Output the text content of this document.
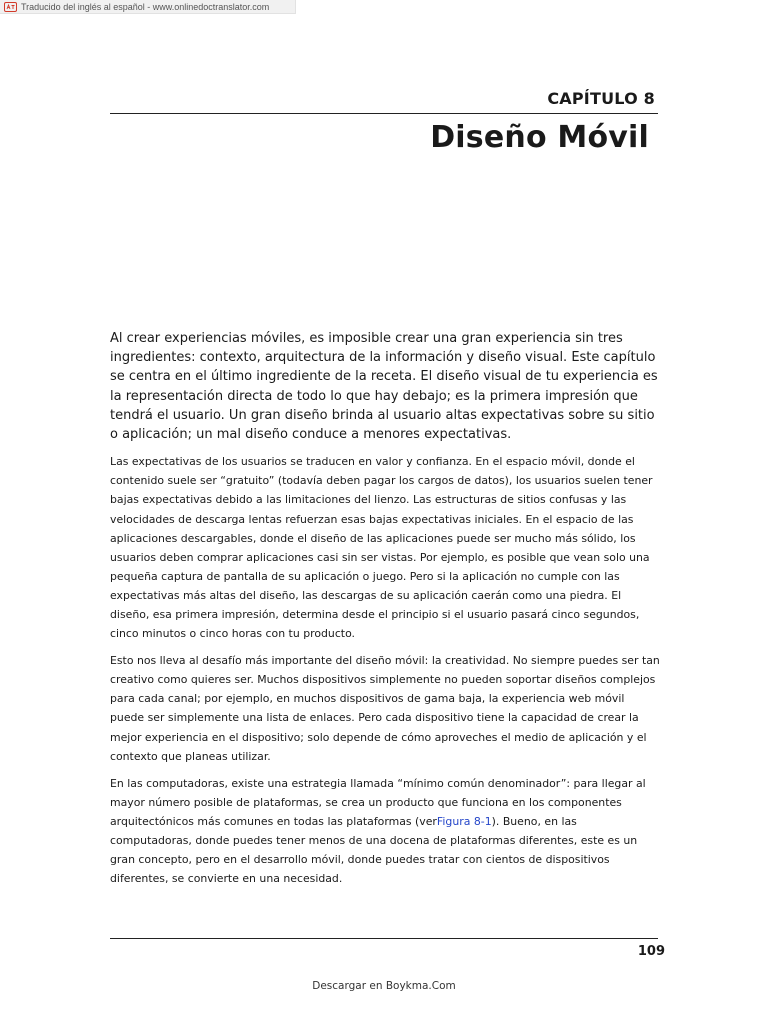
Traducido del inglés al español - www.onlinedoctranslator.com
CAPÍTULO 8
Diseño Móvil

Al crear experiencias móviles, es imposible crear una gran experiencia sin tres ingredientes: contexto, arquitectura de la información y diseño visual. Este capítulo se centra en el último ingrediente de la receta. El diseño visual de tu experiencia es la representación directa de todo lo que hay debajo; es la primera impresión que tendrá el usuario. Un gran diseño brinda al usuario altas expectativas sobre su sitio o aplicación; un mal diseño conduce a menores expectativas.

Las expectativas de los usuarios se traducen en valor y confianza. En el espacio móvil, donde el contenido suele ser “gratuito” (todavía deben pagar los cargos de datos), los usuarios suelen tener bajas expectativas debido a las limitaciones del lienzo. Las estructuras de sitios confusas y las velocidades de descarga lentas refuerzan esas bajas expectativas iniciales. En el espacio de las aplicaciones descargables, donde el diseño de las aplicaciones puede ser mucho más sólido, los usuarios deben comprar aplicaciones casi sin ser vistas. Por ejemplo, es posible que vean solo una pequeña captura de pantalla de su aplicación o juego. Pero si la aplicación no cumple con las expectativas más altas del diseño, las descargas de su aplicación caerán como una piedra. El diseño, esa primera impresión, determina desde el principio si el usuario pasará cinco segundos, cinco minutos o cinco horas con tu producto.

Esto nos lleva al desafío más importante del diseño móvil: la creatividad. No siempre puedes ser tan creativo como quieres ser. Muchos dispositivos simplemente no pueden soportar diseños complejos para cada canal; por ejemplo, en muchos dispositivos de gama baja, la experiencia web móvil puede ser simplemente una lista de enlaces. Pero cada dispositivo tiene la capacidad de crear la mejor experiencia en el dispositivo; solo depende de cómo aproveches el medio de aplicación y el contexto que planeas utilizar.

En las computadoras, existe una estrategia llamada “mínimo común denominador”: para llegar al mayor número posible de plataformas, se crea un producto que funciona en los componentes arquitectónicos más comunes en todas las plataformas (verFigura 8-1). Bueno, en las computadoras, donde puedes tener menos de una docena de plataformas diferentes, este es un gran concepto, pero en el desarrollo móvil, donde puedes tratar con cientos de dispositivos diferentes, se convierte en una necesidad.

109
Descargar en Boykma.Com
